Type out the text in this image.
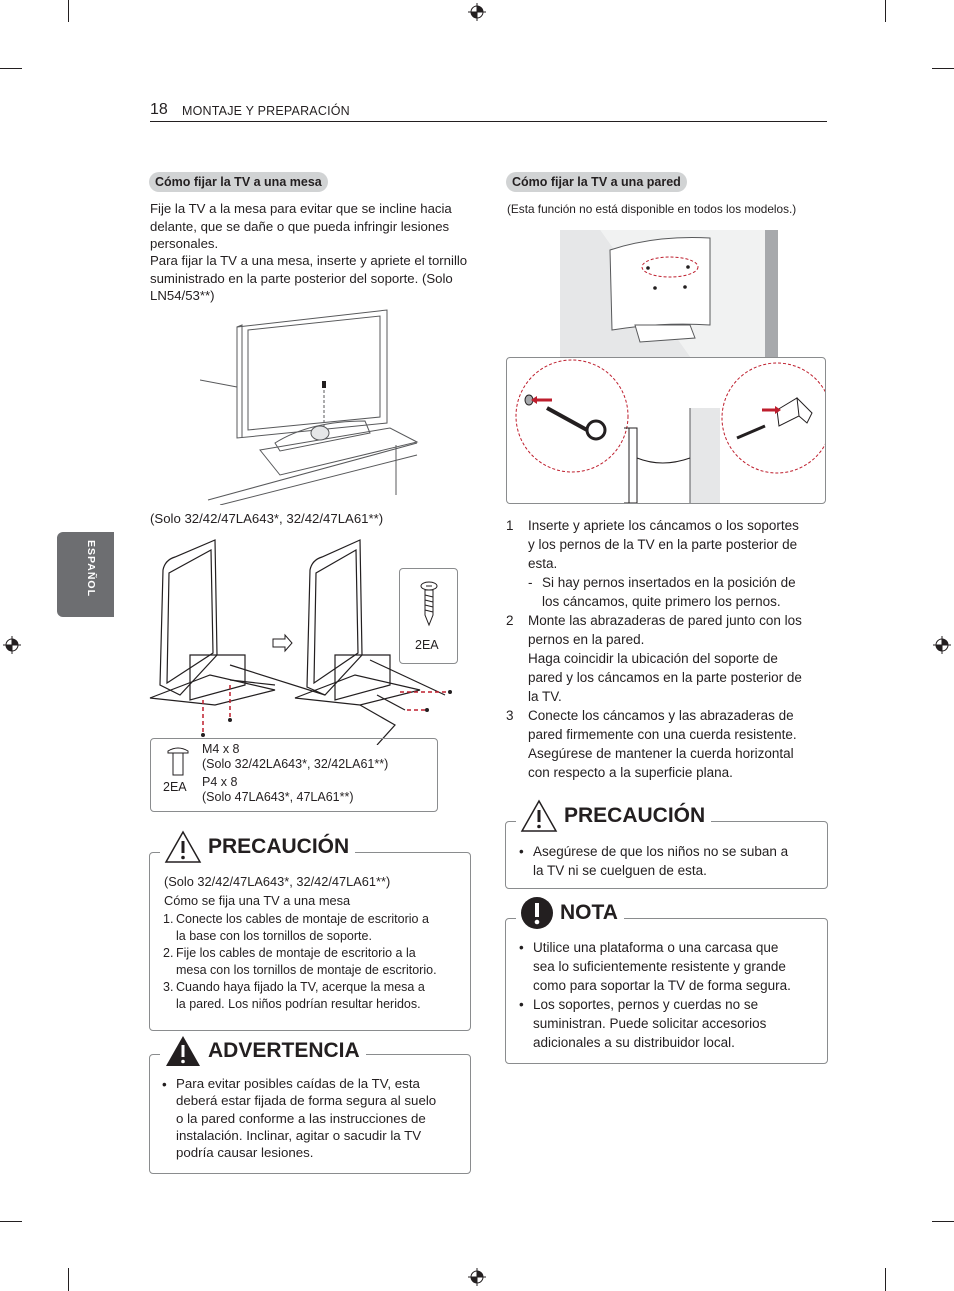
18 MONTAJE Y PREPARACIÓN
ESPAÑOL
Cómo fijar la TV a una mesa
Fije la TV a la mesa para evitar que se incline hacia delante, que se dañe o que pueda infringir lesiones personales.
Para fijar la TV a una mesa, inserte y apriete el tornillo suministrado en la parte posterior del soporte. (Solo LN54/53**)
(Solo 32/42/47LA643*, 32/42/47LA61**)
2EA
2EA
M4 x 8
(Solo 32/42LA643*, 32/42LA61**)
P4 x 8
(Solo 47LA643*, 47LA61**)
PRECAUCIÓN
(Solo 32/42/47LA643*, 32/42/47LA61**)
Cómo se fija una TV a una mesa
1. Conecte los cables de montaje de escritorio a
la base con los tornillos de soporte.
2. Fije los cables de montaje de escritorio a la
mesa con los tornillos de montaje de escritorio.
3. Cuando haya fijado la TV, acerque la mesa a
la pared. Los niños podrían resultar heridos.
ADVERTENCIA
• Para evitar posibles caídas de la TV, esta
deberá estar fijada de forma segura al suelo
o la pared conforme a las instrucciones de
instalación. Inclinar, agitar o sacudir la TV
podría causar lesiones.
Cómo fijar la TV a una pared
(Esta función no está disponible en todos los modelos.)
1	Inserte y apriete los cáncamos o los soportes
y los pernos de la TV en la parte posterior de
esta.
- Si hay pernos insertados en la posición de
los cáncamos, quite primero los pernos.
2	Monte las abrazaderas de pared junto con los
pernos en la pared.
Haga coincidir la ubicación del soporte de
pared y los cáncamos en la parte posterior de
la TV.
3	Conecte los cáncamos y las abrazaderas de
pared firmemente con una cuerda resistente.
Asegúrese de mantener la cuerda horizontal
con respecto a la superficie plana.
PRECAUCIÓN
• Asegúrese de que los niños no se suban a
la TV ni se cuelguen de esta.
NOTA
• Utilice una plataforma o una carcasa que
sea lo suficientemente resistente y grande
como para soportar la TV de forma segura.
• Los soportes, pernos y cuerdas no se
suministran. Puede solicitar accesorios
adicionales a su distribuidor local.
